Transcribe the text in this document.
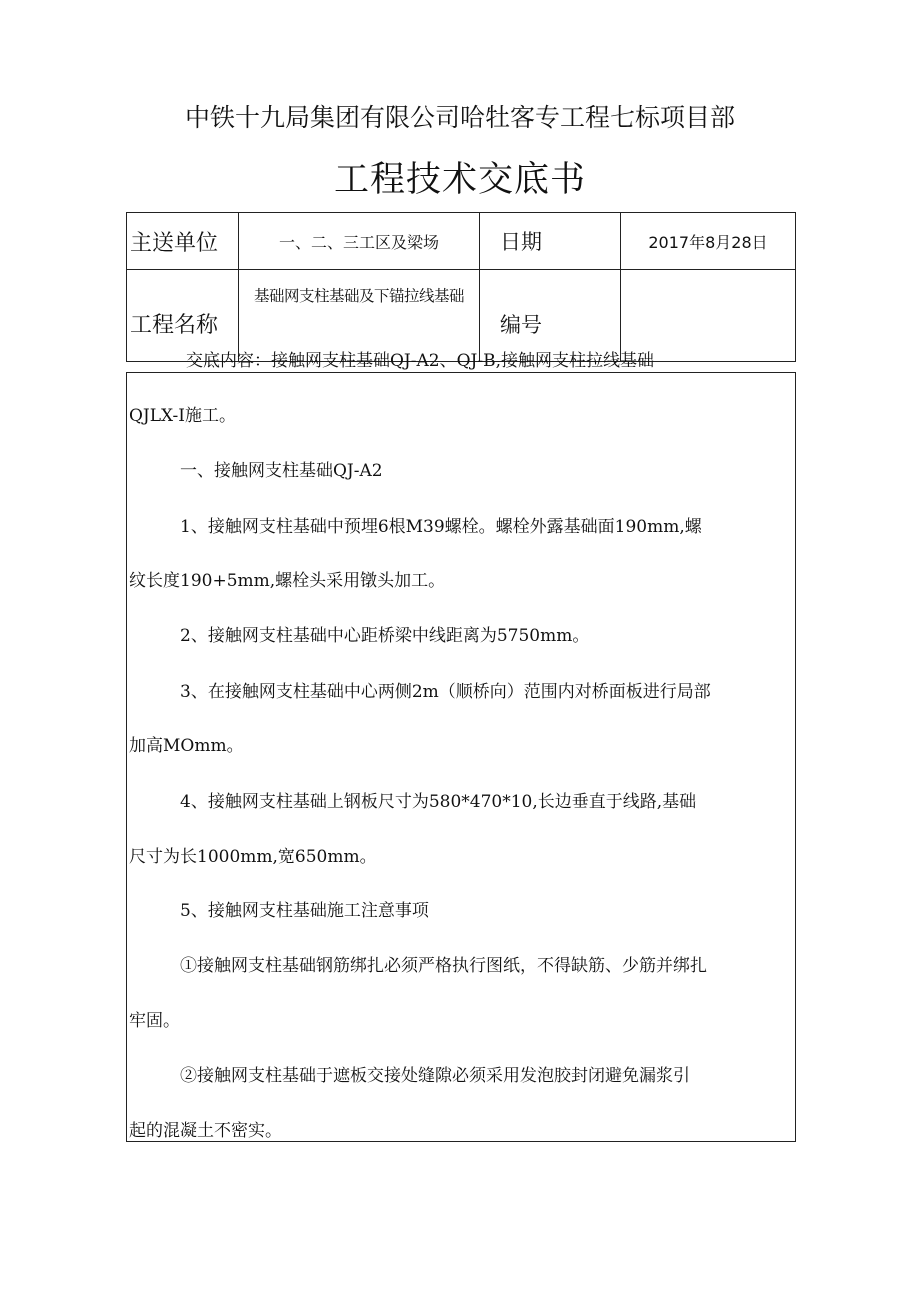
中铁十九局集团有限公司哈牡客专工程七标项目部
工程技术交底书
主送单位	一、二、三工区及梁场	日期	2017年8月28日
工程名称	基础网支柱基础及下锚拉线基础	编号	
交底内容：接触网支柱基础QJ-A2、QJ-B,接触网支柱拉线基础
QJLX-I施工。
一、接触网支柱基础QJ-A2
1、接触网支柱基础中预埋6根M39螺栓。螺栓外露基础面190mm,螺
纹长度190+5mm,螺栓头采用镦头加工。
2、接触网支柱基础中心距桥梁中线距离为5750mm。
3、在接触网支柱基础中心两侧2m（顺桥向）范围内对桥面板进行局部
加高MOmm。
4、接触网支柱基础上钢板尺寸为580*470*10,长边垂直于线路,基础
尺寸为长1000mm,宽650mm。
5、接触网支柱基础施工注意事项
①接触网支柱基础钢筋绑扎必须严格执行图纸，不得缺筋、少筋并绑扎
牢固。
②接触网支柱基础于遮板交接处缝隙必须采用发泡胶封闭避免漏浆引
起的混凝土不密实。
